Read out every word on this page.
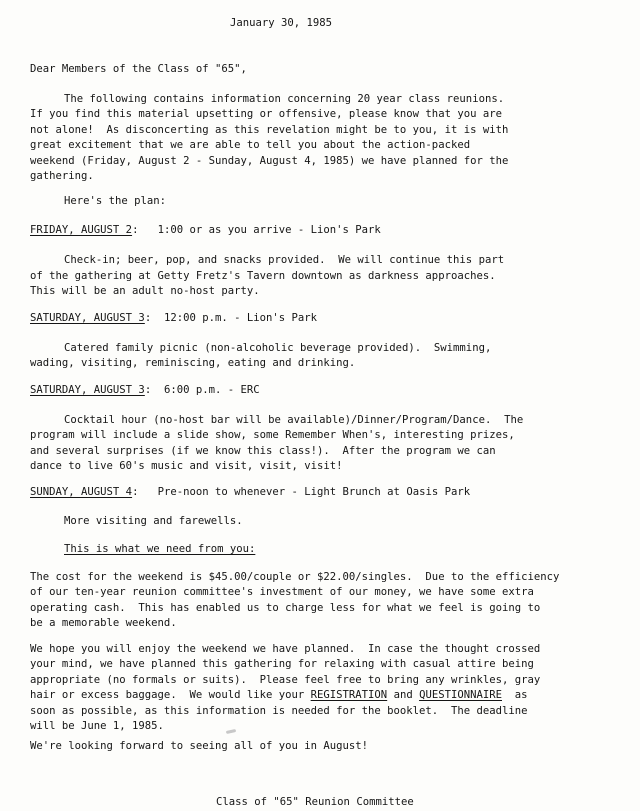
January 30, 1985
Dear Members of the Class of "65",
The following contains information concerning 20 year class reunions.
If you find this material upsetting or offensive, please know that you are
not alone!  As disconcerting as this revelation might be to you, it is with
great excitement that we are able to tell you about the action-packed
weekend (Friday, August 2 - Sunday, August 4, 1985) we have planned for the
gathering.
Here's the plan:
FRIDAY, AUGUST 2:   1:00 or as you arrive - Lion's Park
Check-in; beer, pop, and snacks provided.  We will continue this part
of the gathering at Getty Fretz's Tavern downtown as darkness approaches.
This will be an adult no-host party.
SATURDAY, AUGUST 3:  12:00 p.m. - Lion's Park
Catered family picnic (non-alcoholic beverage provided).  Swimming,
wading, visiting, reminiscing, eating and drinking.
SATURDAY, AUGUST 3:  6:00 p.m. - ERC
Cocktail hour (no-host bar will be available)/Dinner/Program/Dance.  The
program will include a slide show, some Remember When's, interesting prizes,
and several surprises (if we know this class!).  After the program we can
dance to live 60's music and visit, visit, visit!
SUNDAY, AUGUST 4:   Pre-noon to whenever - Light Brunch at Oasis Park
More visiting and farewells.
This is what we need from you:
The cost for the weekend is $45.00/couple or $22.00/singles.  Due to the efficiency
of our ten-year reunion committee's investment of our money, we have some extra
operating cash.  This has enabled us to charge less for what we feel is going to
be a memorable weekend.
We hope you will enjoy the weekend we have planned.  In case the thought crossed
your mind, we have planned this gathering for relaxing with casual attire being
appropriate (no formals or suits).  Please feel free to bring any wrinkles, gray
hair or excess baggage.  We would like your REGISTRATION and QUESTIONNAIRE  as
soon as possible, as this information is needed for the booklet.  The deadline
will be June 1, 1985.
We're looking forward to seeing all of you in August!
Class of "65" Reunion Committee
